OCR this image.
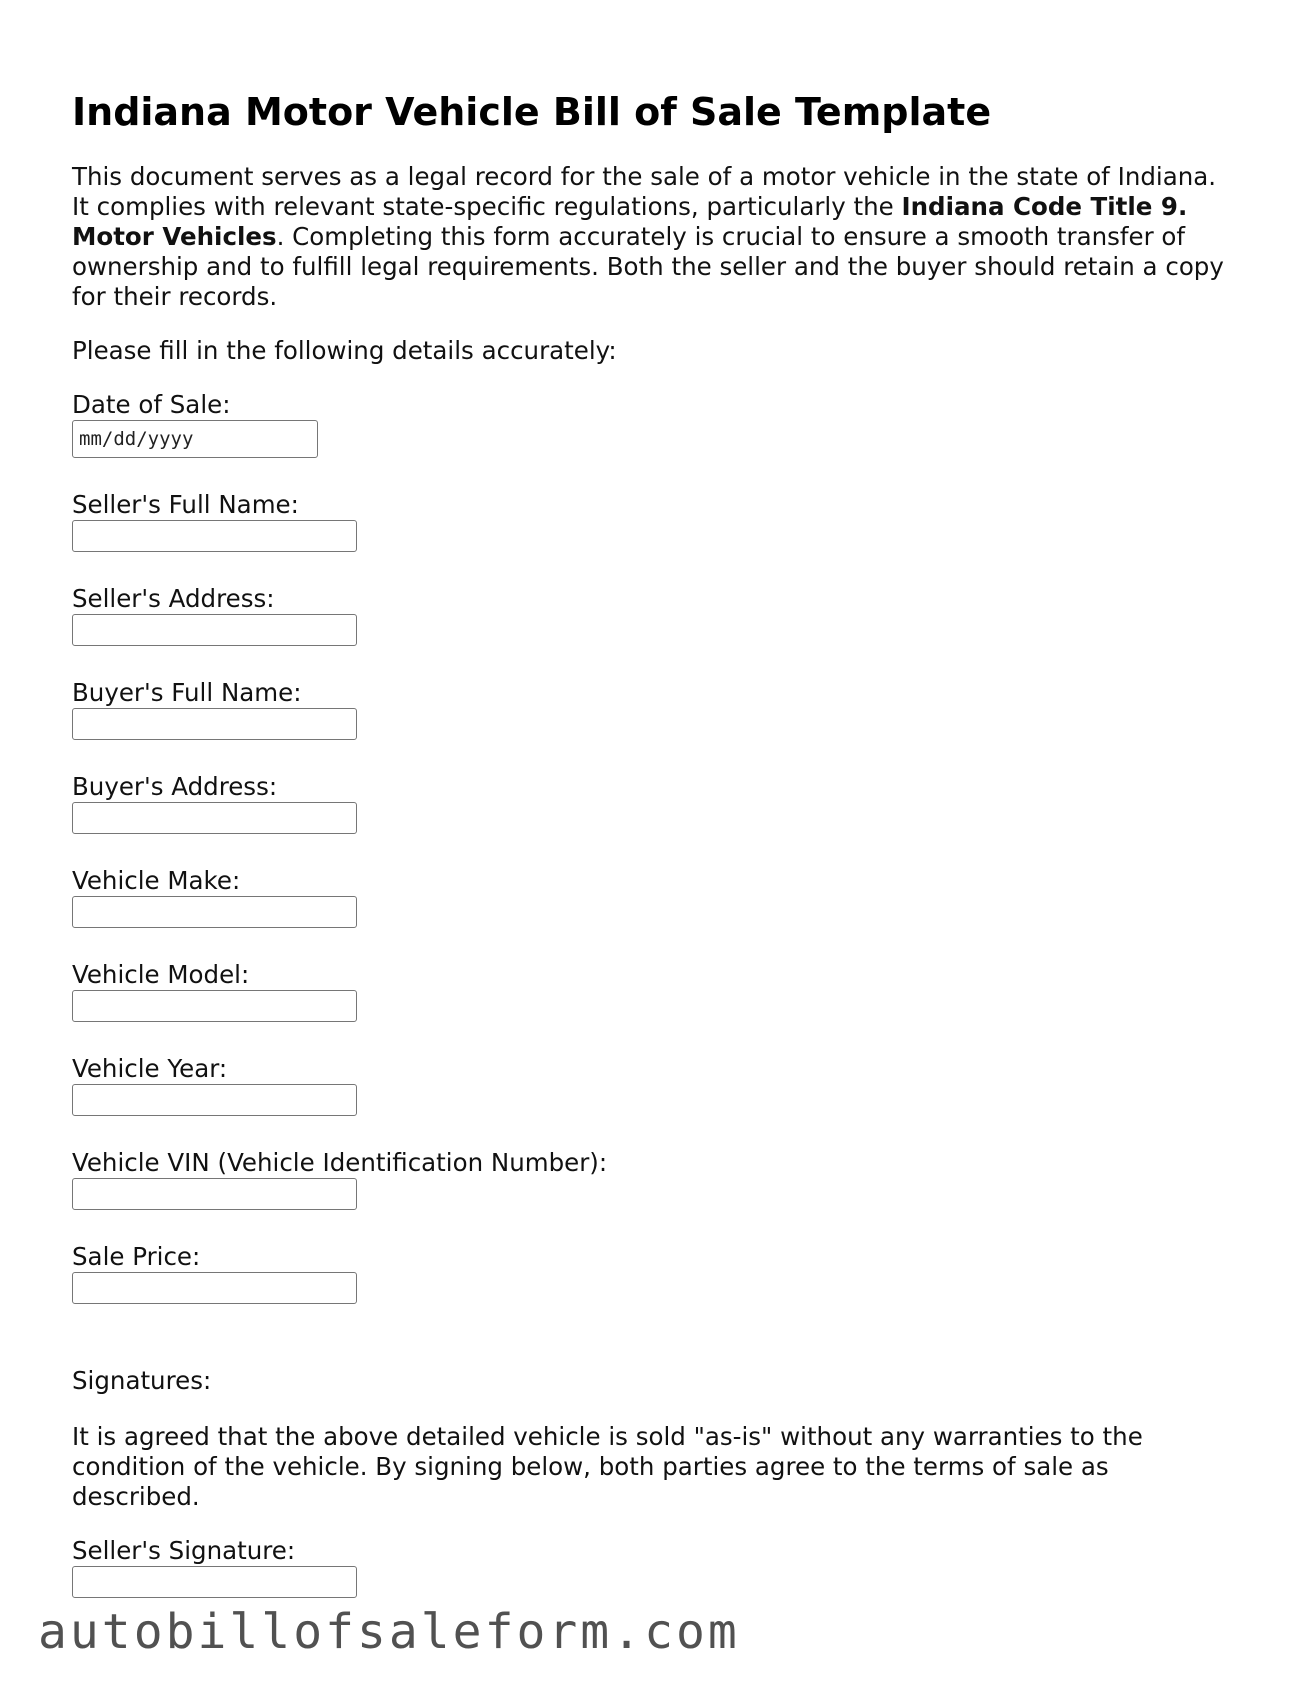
Indiana Motor Vehicle Bill of Sale Template

This document serves as a legal record for the sale of a motor vehicle in the state of Indiana. It complies with relevant state-specific regulations, particularly the Indiana Code Title 9. Motor Vehicles. Completing this form accurately is crucial to ensure a smooth transfer of ownership and to fulfill legal requirements. Both the seller and the buyer should retain a copy for their records.

Please fill in the following details accurately:

Date of Sale:
mm/dd/yyyy
Seller's Full Name:
Seller's Address:
Buyer's Full Name:
Buyer's Address:
Vehicle Make:
Vehicle Model:
Vehicle Year:
Vehicle VIN (Vehicle Identification Number):
Sale Price:

Signatures:

It is agreed that the above detailed vehicle is sold "as-is" without any warranties to the condition of the vehicle. By signing below, both parties agree to the terms of sale as described.

Seller's Signature:
autobillofsaleform.com
